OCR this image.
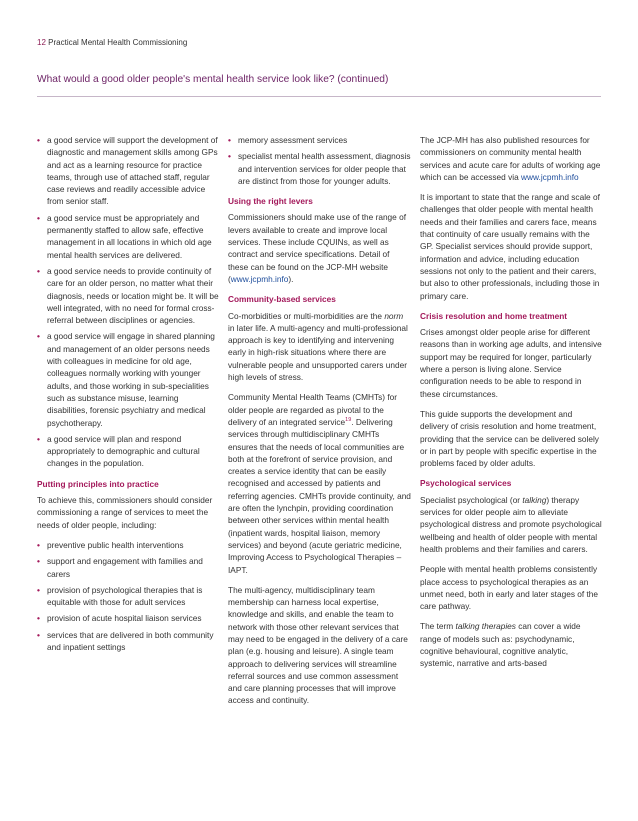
12 Practical Mental Health Commissioning
What would a good older people's mental health service look like? (continued)
• a good service will support the development of diagnostic and management skills among GPs and act as a learning resource for practice teams, through use of attached staff, regular case reviews and readily accessible advice from senior staff.
• a good service must be appropriately and permanently staffed to allow safe, effective management in all locations in which old age mental health services are delivered.
• a good service needs to provide continuity of care for an older person, no matter what their diagnosis, needs or location might be. It will be well integrated, with no need for formal cross-referral between disciplines or agencies.
• a good service will engage in shared planning and management of an older persons needs with colleagues in medicine for old age, colleagues normally working with younger adults, and those working in sub-specialities such as substance misuse, learning disabilities, forensic psychiatry and medical psychotherapy.
• a good service will plan and respond appropriately to demographic and cultural changes in the population.
Putting principles into practice

To achieve this, commissioners should consider commissioning a range of services to meet the needs of older people, including:

• preventive public health interventions
• support and engagement with families and carers
• provision of psychological therapies that is equitable with those for adult services
• provision of acute hospital liaison services
• services that are delivered in both community and inpatient settings
• memory assessment services
• specialist mental health assessment, diagnosis and intervention services for older people that are distinct from those for younger adults.
Using the right levers

Commissioners should make use of the range of levers available to create and improve local services. These include CQUINs, as well as contract and service specifications. Detail of these can be found on the JCP-MH website (www.jcpmh.info).

Community-based services

Co-morbidities or multi-morbidities are the norm in later life. A multi-agency and multi-professional approach is key to identifying and intervening early in high-risk situations where there are vulnerable people and unsupported carers under high levels of stress.

Community Mental Health Teams (CMHTs) for older people are regarded as pivotal to the delivery of an integrated service$^{19}$. Delivering services through multidisciplinary CMHTs ensures that the needs of local communities are both at the forefront of service provision, and creates a service identity that can be easily recognised and accessed by patients and referring agencies. CMHTs provide continuity, and are often the lynchpin, providing coordination between other services within mental health (inpatient wards, hospital liaison, memory services) and beyond (acute geriatric medicine, Improving Access to Psychological Therapies – IAPT.

The multi-agency, multidisciplinary team membership can harness local expertise, knowledge and skills, and enable the team to network with those other relevant services that may need to be engaged in the delivery of a care plan (e.g. housing and leisure). A single team approach to delivering services will streamline referral sources and use common assessment and care planning processes that will improve access and continuity.

The JCP-MH has also published resources for commissioners on community mental health services and acute care for adults of working age which can be accessed via www.jcpmh.info

It is important to state that the range and scale of challenges that older people with mental health needs and their families and carers face, means that continuity of care usually remains with the GP. Specialist services should provide support, information and advice, including education sessions not only to the patient and their carers, but also to other professionals, including those in primary care.

Crisis resolution and home treatment

Crises amongst older people arise for different reasons than in working age adults, and intensive support may be required for longer, particularly where a person is living alone. Service configuration needs to be able to respond in these circumstances.

This guide supports the development and delivery of crisis resolution and home treatment, providing that the service can be delivered solely or in part by people with specific expertise in the problems faced by older adults.

Psychological services

Specialist psychological (or talking) therapy services for older people aim to alleviate psychological distress and promote psychological wellbeing and health of older people with mental health problems and their families and carers.

People with mental health problems consistently place access to psychological therapies as an unmet need, both in early and later stages of the care pathway.

The term talking therapies can cover a wide range of models such as: psychodynamic, cognitive behavioural, cognitive analytic, systemic, narrative and arts-based
